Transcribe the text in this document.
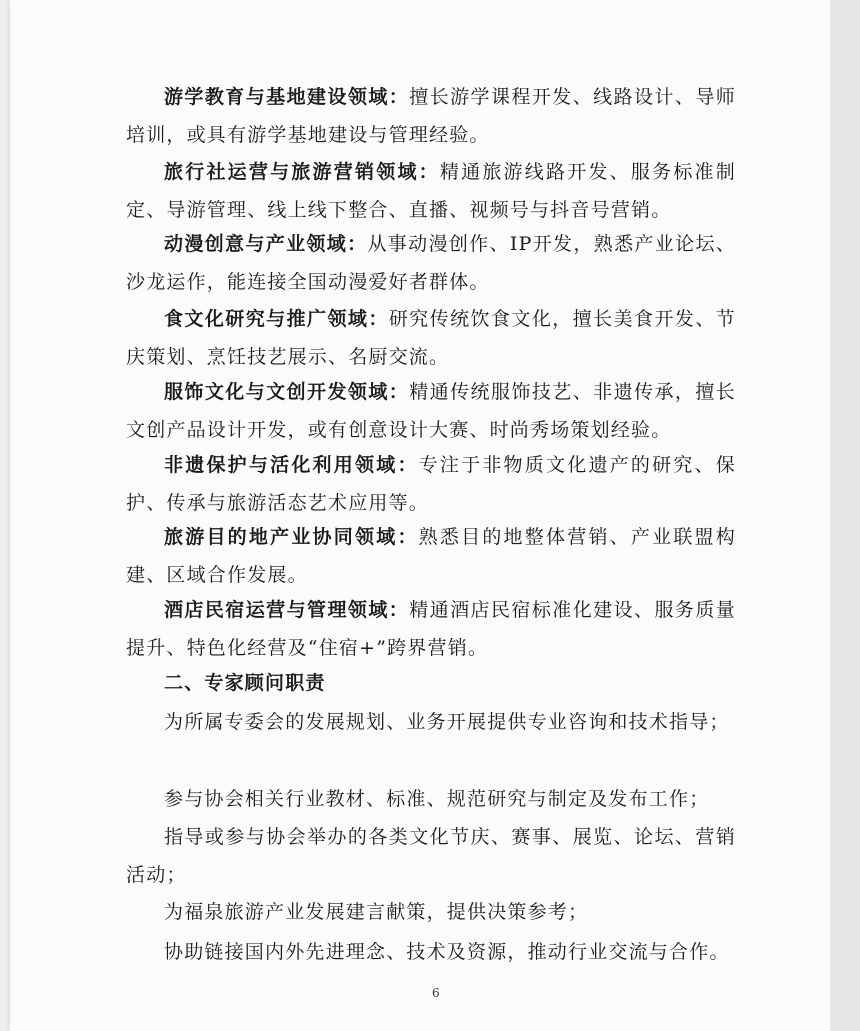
游学教育与基地建设领域：擅长游学课程开发、线路设计、导师培训，或具有游学基地建设与管理经验。

旅行社运营与旅游营销领域：精通旅游线路开发、服务标准制定、导游管理、线上线下整合、直播、视频号与抖音号营销。

动漫创意与产业领域：从事动漫创作、IP开发，熟悉产业论坛、沙龙运作，能连接全国动漫爱好者群体。

食文化研究与推广领域：研究传统饮食文化，擅长美食开发、节庆策划、烹饪技艺展示、名厨交流。

服饰文化与文创开发领域：精通传统服饰技艺、非遗传承，擅长文创产品设计开发，或有创意设计大赛、时尚秀场策划经验。

非遗保护与活化利用领域：专注于非物质文化遗产的研究、保护、传承与旅游活态艺术应用等。

旅游目的地产业协同领域：熟悉目的地整体营销、产业联盟构建、区域合作发展。

酒店民宿运营与管理领域：精通酒店民宿标准化建设、服务质量提升、特色化经营及“住宿+”跨界营销。

二、专家顾问职责

为所属专委会的发展规划、业务开展提供专业咨询和技术指导；

参与协会相关行业教材、标准、规范研究与制定及发布工作；

指导或参与协会举办的各类文化节庆、赛事、展览、论坛、营销活动；

为福泉旅游产业发展建言献策，提供决策参考；

协助链接国内外先进理念、技术及资源，推动行业交流与合作。

6
